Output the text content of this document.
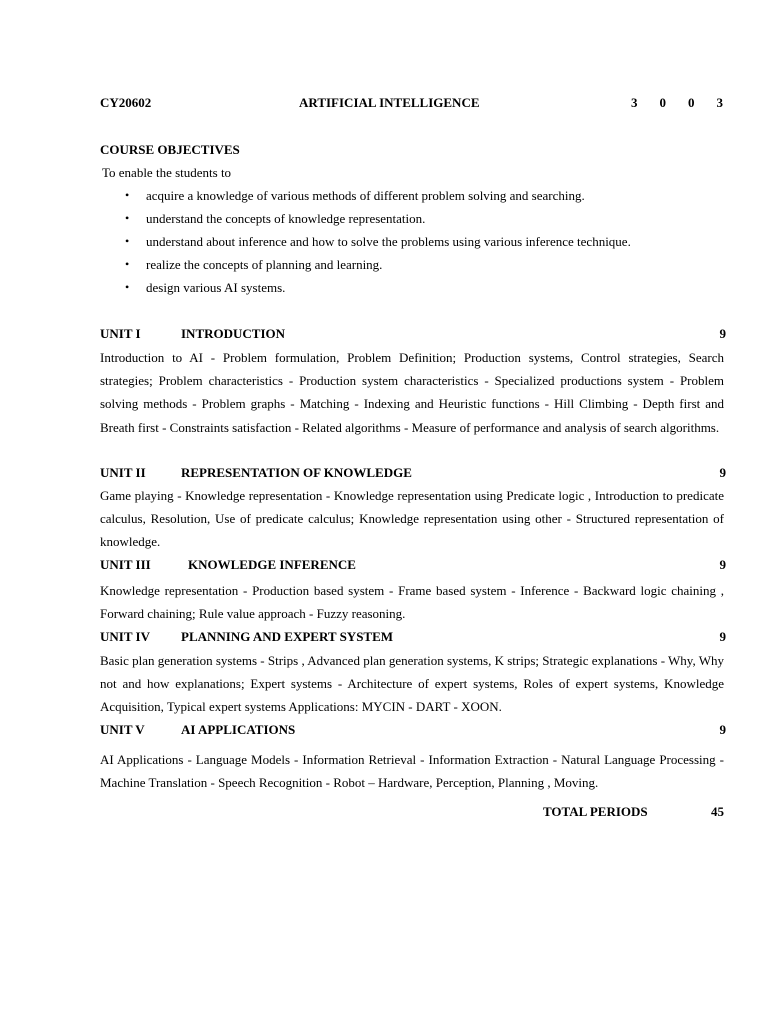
CY20602	ARTIFICIAL INTELLIGENCE	3 0 0 3
COURSE OBJECTIVES
To enable the students to
• acquire a knowledge of various methods of different problem solving and searching.
• understand the concepts of knowledge representation.
• understand about inference and how to solve the problems using various inference technique.
• realize the concepts of planning and learning.
• design various AI systems.
UNIT I	INTRODUCTION	9

Introduction to AI - Problem formulation, Problem Definition; Production systems, Control strategies, Search strategies; Problem characteristics - Production system characteristics - Specialized productions system - Problem solving methods - Problem graphs - Matching - Indexing and Heuristic functions - Hill Climbing - Depth first and Breath first - Constraints satisfaction - Related algorithms - Measure of performance and analysis of search algorithms.

UNIT II	REPRESENTATION OF KNOWLEDGE	9

Game playing - Knowledge representation - Knowledge representation using Predicate logic , Introduction to predicate calculus, Resolution, Use of predicate calculus; Knowledge representation using other - Structured representation of knowledge.

UNIT III	KNOWLEDGE INFERENCE	9

Knowledge representation - Production based system - Frame based system - Inference - Backward logic chaining , Forward chaining; Rule value approach - Fuzzy reasoning.

UNIT IV	PLANNING AND EXPERT SYSTEM	9

Basic plan generation systems - Strips , Advanced plan generation systems, K strips; Strategic explanations - Why, Why not and how explanations; Expert systems - Architecture of expert systems, Roles of expert systems, Knowledge Acquisition, Typical expert systems Applications: MYCIN - DART - XOON.

UNIT V	AI APPLICATIONS	9

AI Applications - Language Models - Information Retrieval - Information Extraction - Natural Language Processing - Machine Translation - Speech Recognition - Robot – Hardware, Perception, Planning , Moving.

TOTAL PERIODS	45
